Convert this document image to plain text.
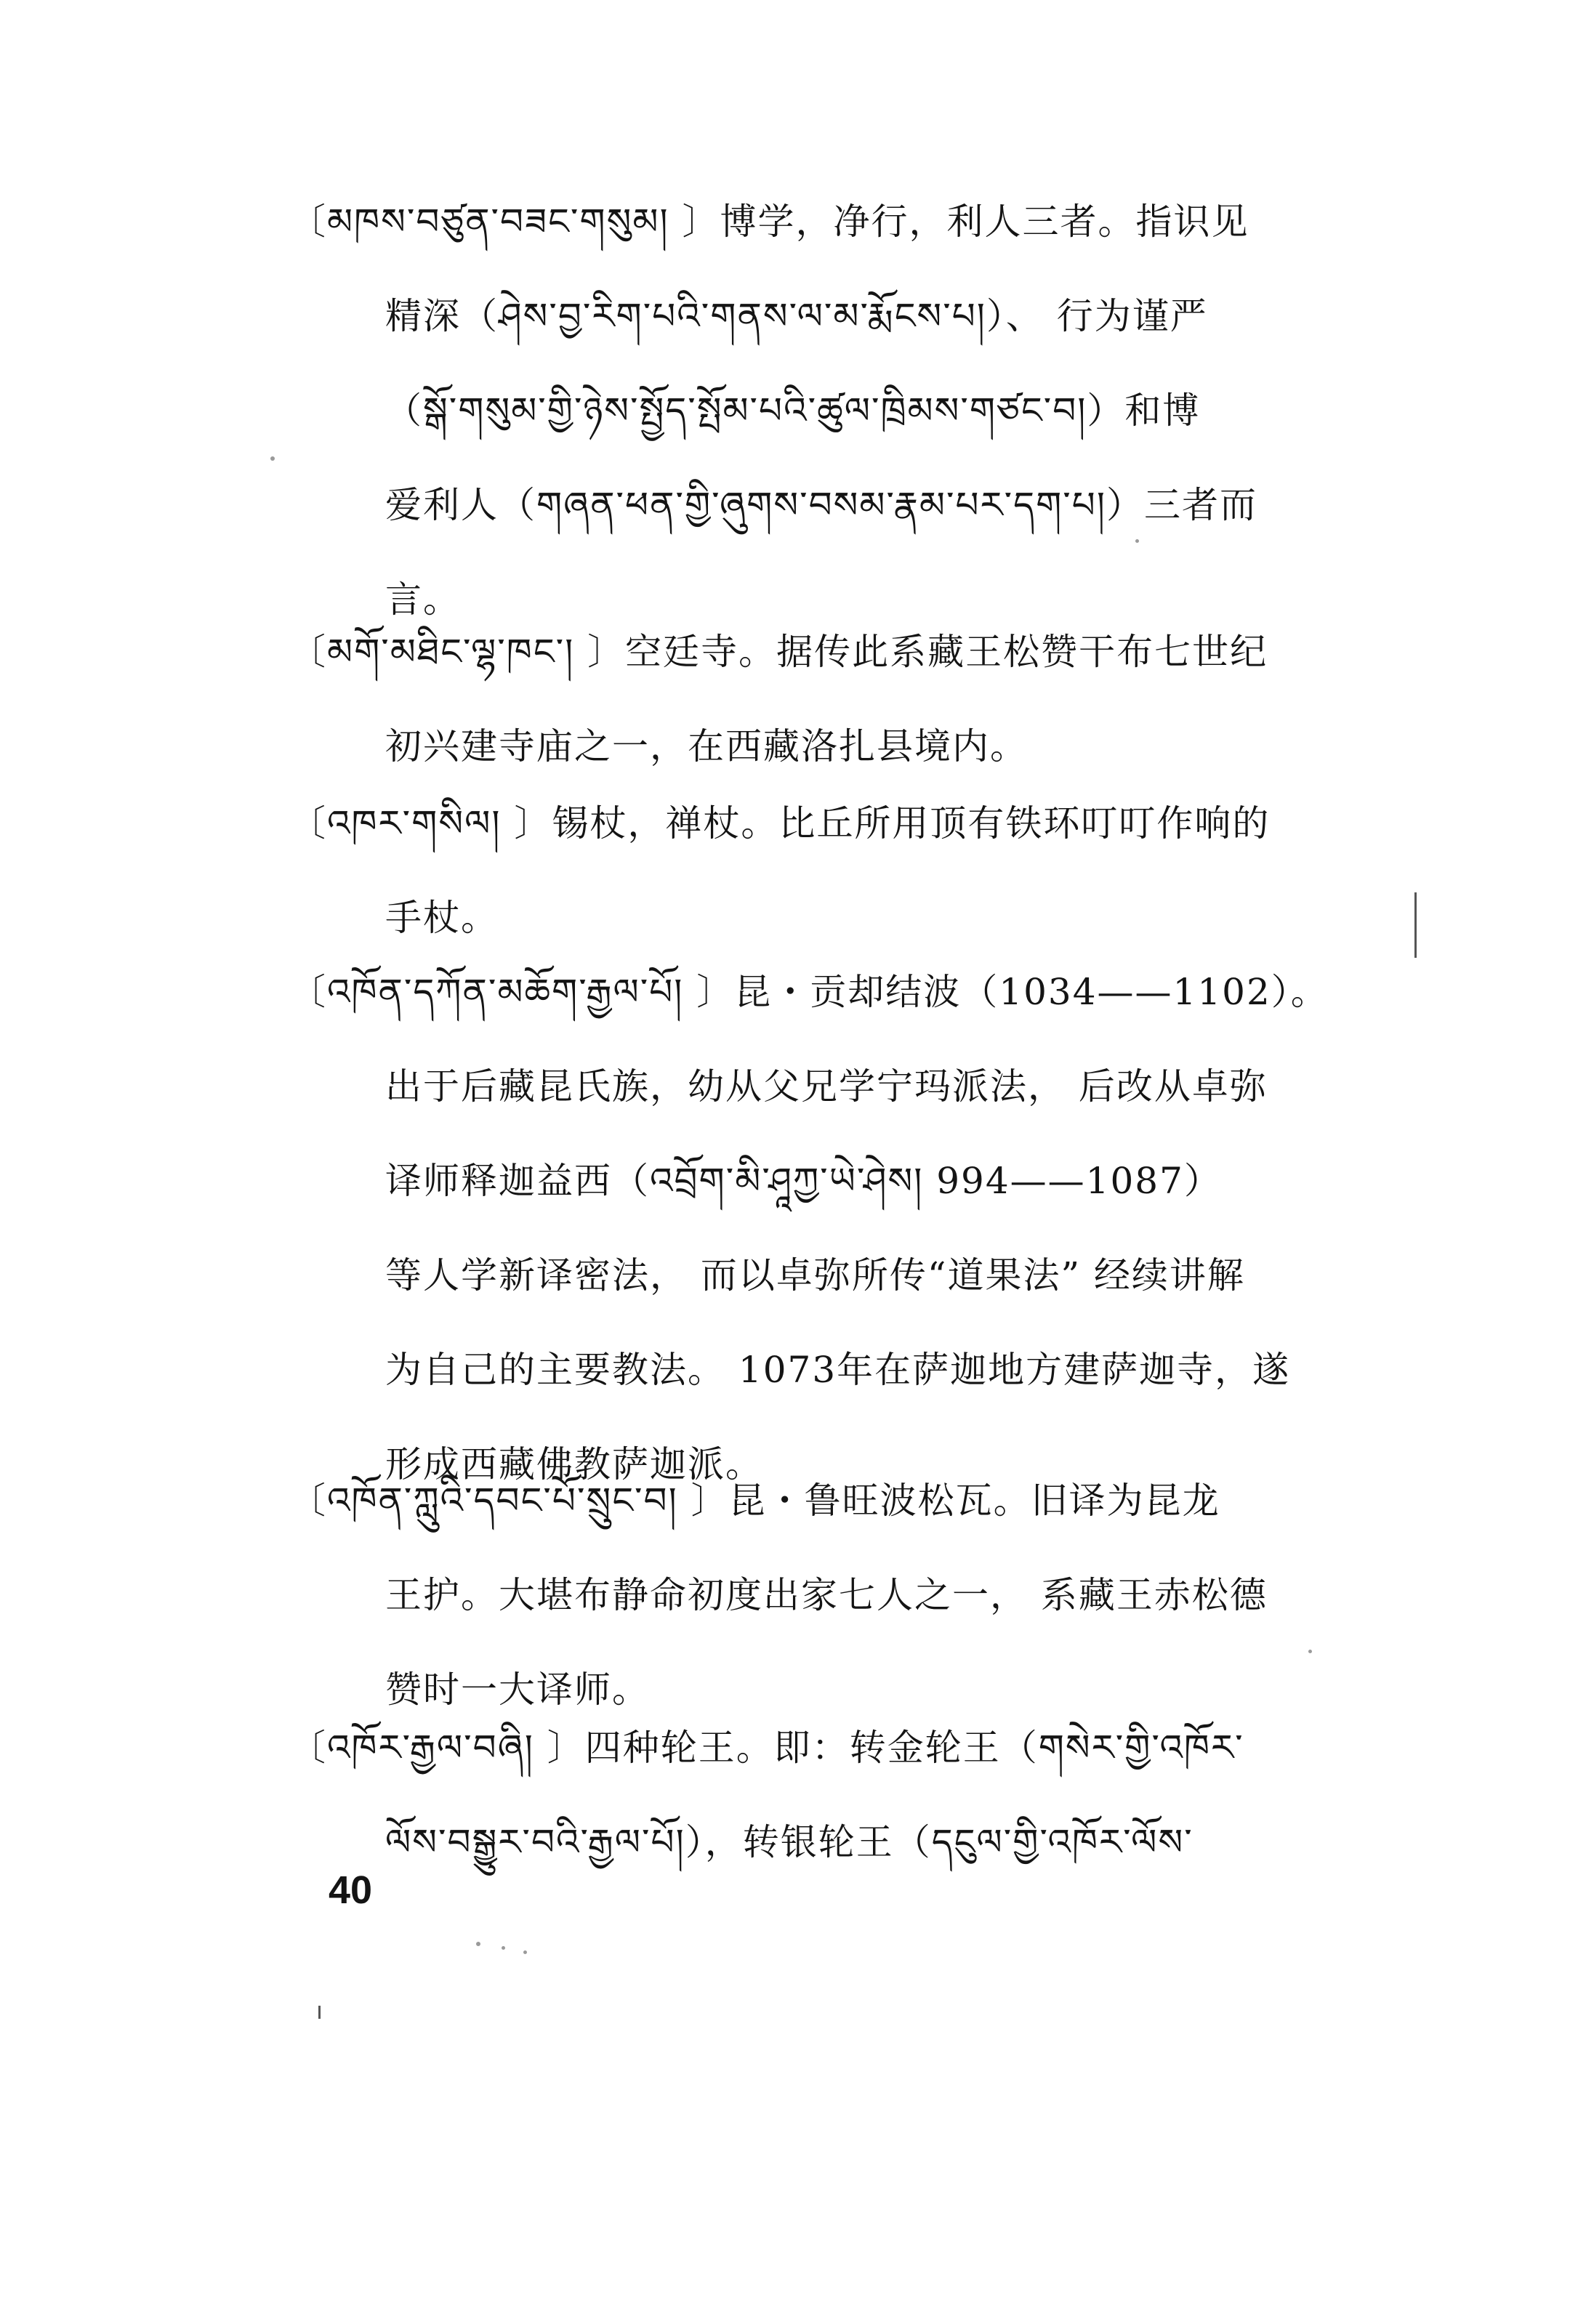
〔མཁས་བཙུན་བཟང་གསུམ། 〕博学，净行，利人三者。指识见
精深（ཤེས་བྱ་རིག་པའི་གནས་ལ་མ་རྨོངས་པ།）、 行为谨严
（སྒོ་གསུམ་གྱི་ཉེས་སྤྱོད་སྤོམ་པའི་ཚུལ་ཁྲིམས་གཙང་བ།）和博
爱利人（གཞན་ཕན་གྱི་ཞུགས་བསམ་རྣམ་པར་དག་པ།）三者而
言。
〔མགོ་མཐིང་ལྷ་ཁང་། 〕空廷寺。据传此系藏王松赞干布七世纪
初兴建寺庙之一，在西藏洛扎县境内。
〔འཁར་གསིལ། 〕锡杖，禅杖。比丘所用顶有铁环叮叮作响的
手杖。
〔འཁོན་དཀོན་མཆོག་རྒྱལ་པོ། 〕昆・贡却结波（1034——1102）。
出于后藏昆氏族，幼从父兄学宁玛派法， 后改从卓弥
译师释迦益西（འབྲོག་མི་ཤཱཀྱ་ཡེ་ཤེས། 994——1087）
等人学新译密法， 而以卓弥所传“道果法” 经续讲解
为自己的主要教法。 1073年在萨迦地方建萨迦寺，遂
形成西藏佛教萨迦派。
〔འཁོན་ཀླུའི་དབང་པོ་སྲུང་བ། 〕昆・鲁旺波松瓦。旧译为昆龙
王护。大堪布静命初度出家七人之一， 系藏王赤松德
赞时一大译师。
〔འཁོར་རྒྱལ་བཞི། 〕四种轮王。即：转金轮王（གསེར་གྱི་འཁོར་
ལོས་བསྒྱུར་བའི་རྒྱལ་པོ།），转银轮王（དངུལ་གྱི་འཁོར་ལོས་
40
